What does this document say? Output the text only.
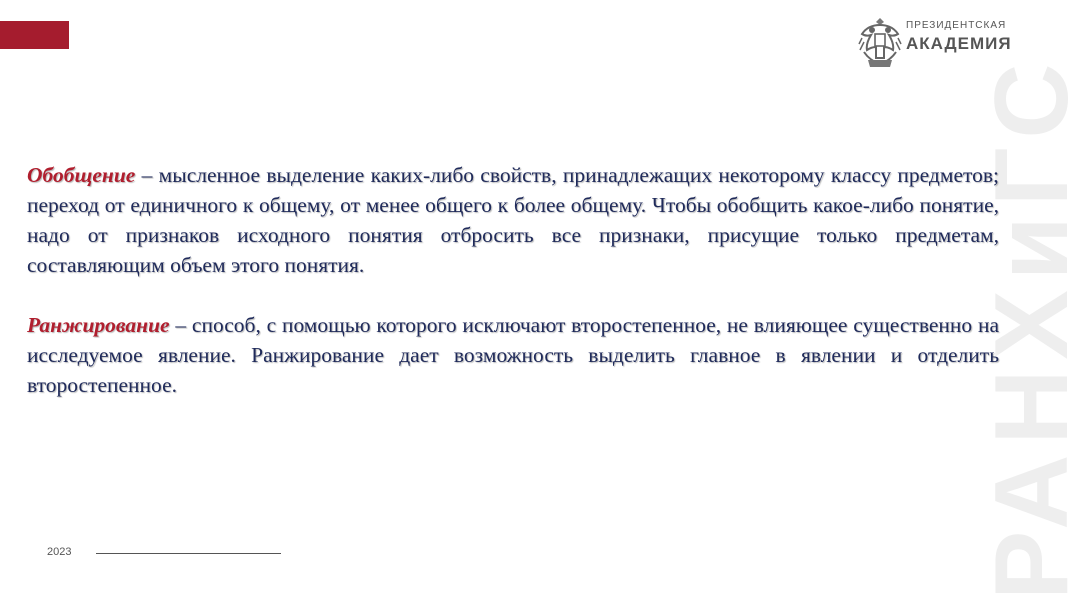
РАНХиГС
ПРЕЗИДЕНТСКАЯ
АКАДЕМИЯ

Обобщение – мысленное выделение каких-либо свойств, принадлежащих некоторому классу предметов; переход от единичного к общему, от менее общего к более общему. Чтобы обобщить какое-либо понятие, надо от признаков исходного понятия отбросить все признаки, присущие только предметам, составляющим объем этого понятия.

Ранжирование – способ, с помощью которого исключают второстепенное, не влияющее существенно на исследуемое явление. Ранжирование дает возможность выделить главное в явлении и отделить второстепенное.

2023
